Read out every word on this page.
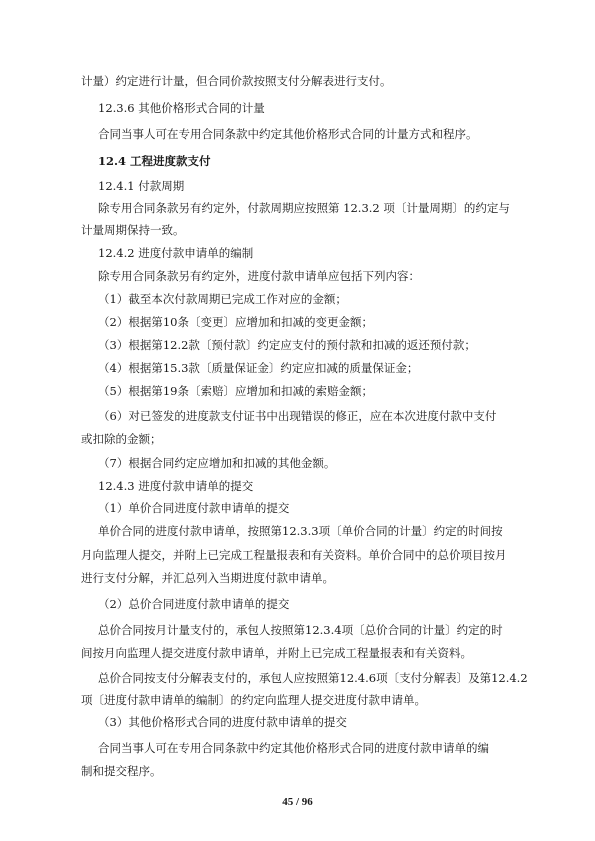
计量）约定进行计量，但合同价款按照支付分解表进行支付。
12.3.6 其他价格形式合同的计量
合同当事人可在专用合同条款中约定其他价格形式合同的计量方式和程序。
12.4 工程进度款支付
12.4.1 付款周期
除专用合同条款另有约定外，付款周期应按照第 12.3.2 项〔计量周期〕的约定与
计量周期保持一致。
12.4.2 进度付款申请单的编制
除专用合同条款另有约定外，进度付款申请单应包括下列内容：
（1）截至本次付款周期已完成工作对应的金额；
（2）根据第10条〔变更〕应增加和扣减的变更金额；
（3）根据第12.2款〔预付款〕约定应支付的预付款和扣减的返还预付款；
（4）根据第15.3款〔质量保证金〕约定应扣减的质量保证金；
（5）根据第19条〔索赔〕应增加和扣减的索赔金额；
（6）对已签发的进度款支付证书中出现错误的修正，应在本次进度付款中支付
或扣除的金额；
（7）根据合同约定应增加和扣减的其他金额。
12.4.3 进度付款申请单的提交
（1）单价合同进度付款申请单的提交
单价合同的进度付款申请单，按照第12.3.3项〔单价合同的计量〕约定的时间按
月向监理人提交，并附上已完成工程量报表和有关资料。单价合同中的总价项目按月
进行支付分解，并汇总列入当期进度付款申请单。
（2）总价合同进度付款申请单的提交
总价合同按月计量支付的，承包人按照第12.3.4项〔总价合同的计量〕约定的时
间按月向监理人提交进度付款申请单，并附上已完成工程量报表和有关资料。
总价合同按支付分解表支付的，承包人应按照第12.4.6项〔支付分解表〕及第12.4.2
项〔进度付款申请单的编制〕的约定向监理人提交进度付款申请单。
（3）其他价格形式合同的进度付款申请单的提交
合同当事人可在专用合同条款中约定其他价格形式合同的进度付款申请单的编
制和提交程序。
45 / 96
